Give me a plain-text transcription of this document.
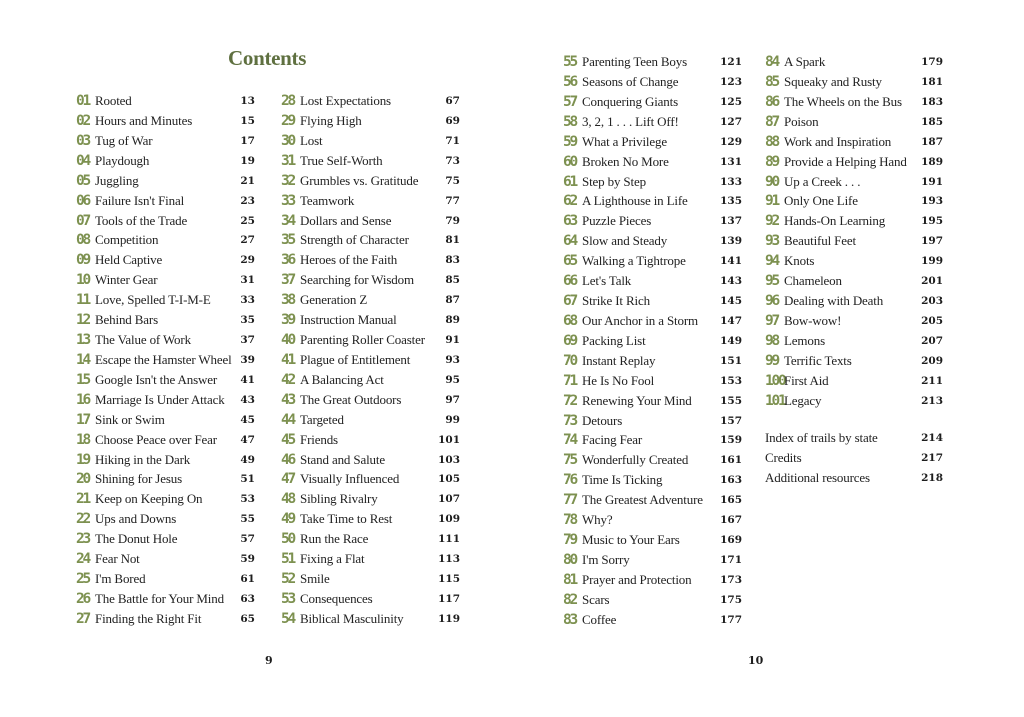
Contents
01 Rooted	13
02 Hours and Minutes	15
03 Tug of War	17
04 Playdough	19
05 Juggling	21
06 Failure Isn't Final	23
07 Tools of the Trade	25
08 Competition	27
09 Held Captive	29
10 Winter Gear	31
11 Love, Spelled T-I-M-E	33
12 Behind Bars	35
13 The Value of Work	37
14 Escape the Hamster Wheel 39
15 Google Isn't the Answer 41
16 Marriage Is Under Attack 43
17 Sink or Swim	45
18 Choose Peace over Fear 47
19 Hiking in the Dark	49
20 Shining for Jesus	51
21 Keep on Keeping On	53
22 Ups and Downs	55
23 The Donut Hole	57
24 Fear Not	59
25 I'm Bored	61
26 The Battle for Your Mind 63
27 Finding the Right Fit	65
28 Lost Expectations	67
29 Flying High	69
30 Lost	71
31 True Self-Worth	73
32 Grumbles vs. Gratitude	75
33 Teamwork	77
34 Dollars and Sense	79
35 Strength of Character	81
36 Heroes of the Faith	83
37 Searching for Wisdom	85
38 Generation Z	87
39 Instruction Manual	89
40 Parenting Roller Coaster 91
41 Plague of Entitlement	93
42 A Balancing Act	95
43 The Great Outdoors	97
44 Targeted	99
45 Friends	101
46 Stand and Salute	103
47 Visually Influenced	105
48 Sibling Rivalry	107
49 Take Time to Rest	109
50 Run the Race	111
51 Fixing a Flat	113
52 Smile	115
53 Consequences	117
54 Biblical Masculinity	119
9
55 Parenting Teen Boys	121
56 Seasons of Change	123
57 Conquering Giants	125
58 3, 2, 1 . . . Lift Off!	127
59 What a Privilege	129
60 Broken No More	131
61 Step by Step	133
62 A Lighthouse in Life	135
63 Puzzle Pieces	137
64 Slow and Steady	139
65 Walking a Tightrope	141
66 Let's Talk	143
67 Strike It Rich	145
68 Our Anchor in a Storm 147
69 Packing List	149
70 Instant Replay	151
71 He Is No Fool	153
72 Renewing Your Mind	155
73 Detours	157
74 Facing Fear	159
75 Wonderfully Created	161
76 Time Is Ticking	163
77 The Greatest Adventure 165
78 Why?	167
79 Music to Your Ears	169
80 I'm Sorry	171
81 Prayer and Protection	173
82 Scars	175
83 Coffee	177
84 A Spark	179
85 Squeaky and Rusty	181
86 The Wheels on the Bus 183
87 Poison	185
88 Work and Inspiration	187
89 Provide a Helping Hand 189
90 Up a Creek . . .	191
91 Only One Life	193
92 Hands-On Learning	195
93 Beautiful Feet	197
94 Knots	199
95 Chameleon	201
96 Dealing with Death	203
97 Bow-wow!	205
98 Lemons	207
99 Terrific Texts	209
100 First Aid	211
101 Legacy	213
Index of trails by state	214
Credits	217
Additional resources	218
10
